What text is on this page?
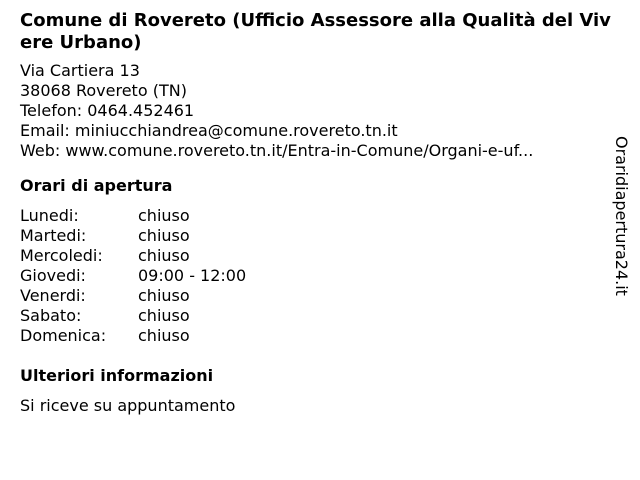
Comune di Rovereto (Ufficio Assessore alla Qualità del Vivere Urbano)
Via Cartiera 13
38068 Rovereto (TN)
Telefon: 0464.452461
Email: miniucchiandrea@comune.rovereto.tn.it
Web: www.comune.rovereto.tn.it/Entra-in-Comune/Organi-e-uf...
Orari di apertura
Lunedi:	chiuso
Martedi:	chiuso
Mercoledi:	chiuso
Giovedi:	09:00 - 12:00
Venerdi:	chiuso
Sabato:	chiuso
Domenica:	chiuso
Ulteriori informazioni
Si riceve su appuntamento
Oraridiapertura24.it
